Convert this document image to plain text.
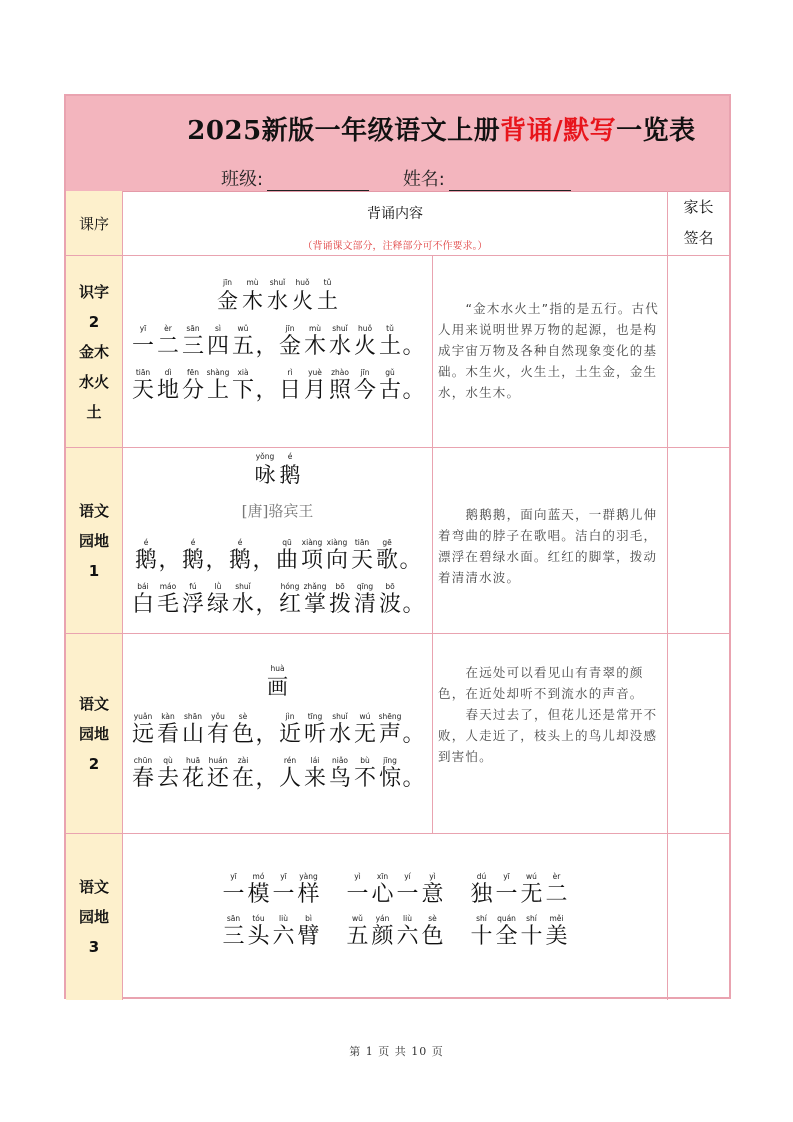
2025新版一年级语文上册背诵/默写一览表
班级:	姓名:
课序
背诵内容
（背诵课文部分，注释部分可不作要求。）
家长
签名
识字
2
金木
水火
土
jīn
金
mù
木
shuǐ
水
huǒ
火
tǔ
土
yī
一
èr
二
sān
三
sì
四
wǔ
五 ，
jīn
金
mù
木
shuǐ
水
huǒ
火
tǔ
土 。
tiān
天
dì
地
fēn
分
shàng
上
xià
下 ，
rì
日
yuè
月
zhào
照
jīn
今
gǔ
古 。

“金木水火土”指的是五行。古代人用来说明世界万物的起源，也是构成宇宙万物及各种自然现象变化的基础。木生火，火生土，土生金，金生水，水生木。

语文
园地
1
yǒng
咏
é
鹅
[唐]骆宾王
é
鹅 ，
é
鹅 ，
é
鹅 ，
qū
曲
xiàng
项
xiàng
向
tiān
天
gē
歌 。
bái
白
máo
毛
fú
浮
lǜ
绿
shuǐ
水 ，
hóng
红
zhǎng
掌
bō
拨
qīng
清
bō
波 。

鹅鹅鹅，面向蓝天，一群鹅儿伸着弯曲的脖子在歌唱。洁白的羽毛，漂浮在碧绿水面。红红的脚掌，拨动着清清水波。

语文
园地
2
huà
画
yuǎn
远
kàn
看
shān
山
yǒu
有
sè
色 ，
jìn
近
tīng
听
shuǐ
水
wú
无
shēng
声 。
chūn
春
qù
去
huā
花
huán
还
zài
在 ，
rén
人
lái
来
niǎo
鸟
bù
不
jīng
惊 。

在远处可以看见山有青翠的颜色，在近处却听不到流水的声音。

春天过去了，但花儿还是常开不败，人走近了，枝头上的鸟儿却没感到害怕。

语文
园地
3
yī
一
mó
模
yī
一
yàng
样
yì
一
xīn
心
yí
一
yì
意
dú
独
yī
一
wú
无
èr
二
sān
三
tóu
头
liù
六
bì
臂
wǔ
五
yán
颜
liù
六
sè
色
shí
十
quán
全
shí
十
měi
美
第 1 页 共 10 页
